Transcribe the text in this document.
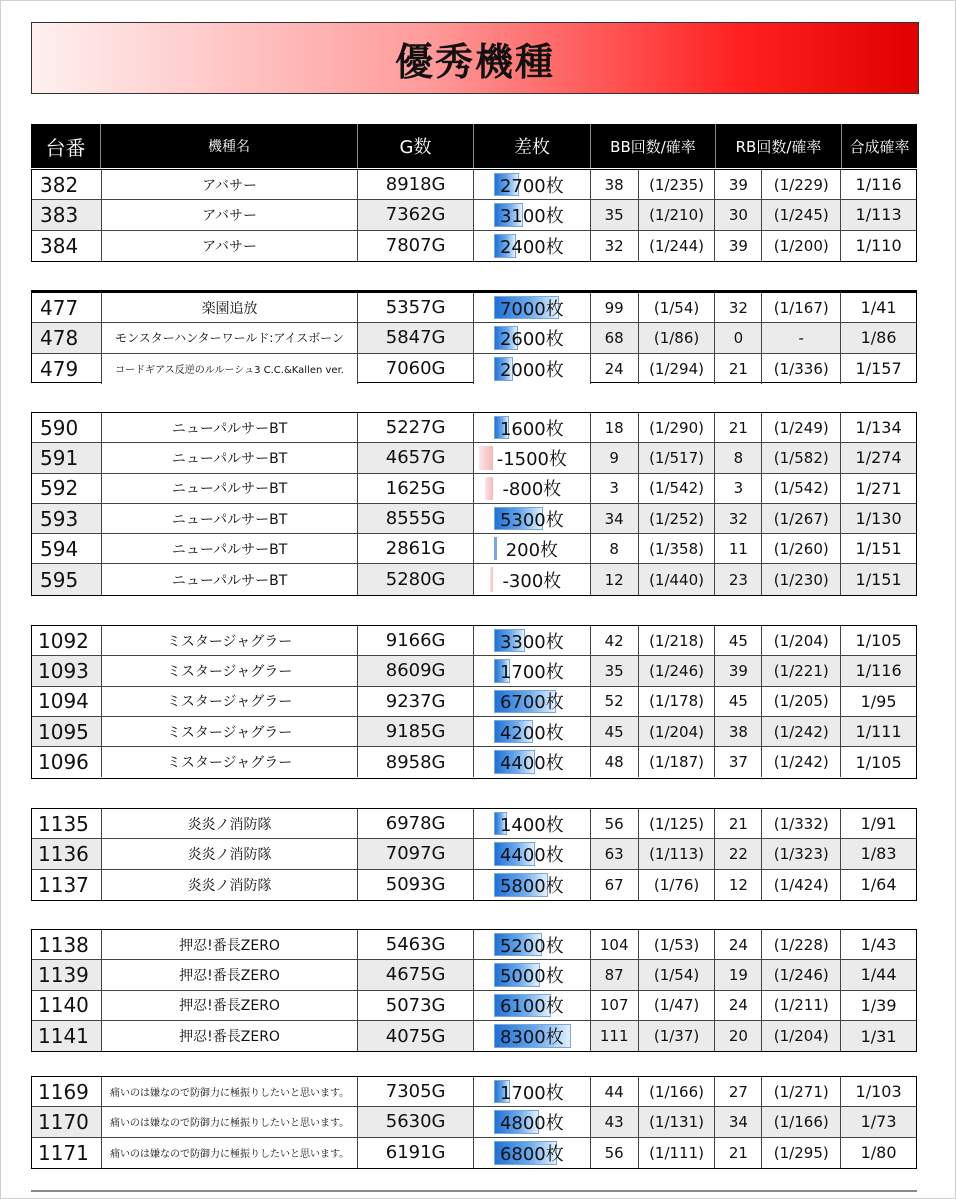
優秀機種
台番	機種名	G数	差枚	BB回数/確率	RB回数/確率	合成確率
382	アバサー	8918G	2700枚	38	(1/235)	39	(1/229)	1/116
383	アバサー	7362G	3100枚	35	(1/210)	30	(1/245)	1/113
384	アバサー	7807G	2400枚	32	(1/244)	39	(1/200)	1/110
477	楽園追放	5357G	7000枚	99	(1/54)	32	(1/167)	1/41
478	モンスターハンターワールド:アイスボーン	5847G	2600枚	68	(1/86)	0	-	1/86
479	コードギアス反逆のルルーシュ3 C.C.&Kallen ver.	7060G	2000枚	24	(1/294)	21	(1/336)	1/157
590	ニューパルサーBT	5227G	1600枚	18	(1/290)	21	(1/249)	1/134
591	ニューパルサーBT	4657G	-1500枚	9	(1/517)	8	(1/582)	1/274
592	ニューパルサーBT	1625G	-800枚	3	(1/542)	3	(1/542)	1/271
593	ニューパルサーBT	8555G	5300枚	34	(1/252)	32	(1/267)	1/130
594	ニューパルサーBT	2861G	200枚	8	(1/358)	11	(1/260)	1/151
595	ニューパルサーBT	5280G	-300枚	12	(1/440)	23	(1/230)	1/151
1092	ミスタージャグラー	9166G	3300枚	42	(1/218)	45	(1/204)	1/105
1093	ミスタージャグラー	8609G	1700枚	35	(1/246)	39	(1/221)	1/116
1094	ミスタージャグラー	9237G	6700枚	52	(1/178)	45	(1/205)	1/95
1095	ミスタージャグラー	9185G	4200枚	45	(1/204)	38	(1/242)	1/111
1096	ミスタージャグラー	8958G	4400枚	48	(1/187)	37	(1/242)	1/105
1135	炎炎ノ消防隊	6978G	1400枚	56	(1/125)	21	(1/332)	1/91
1136	炎炎ノ消防隊	7097G	4400枚	63	(1/113)	22	(1/323)	1/83
1137	炎炎ノ消防隊	5093G	5800枚	67	(1/76)	12	(1/424)	1/64
1138	押忍!番長ZERO	5463G	5200枚	104	(1/53)	24	(1/228)	1/43
1139	押忍!番長ZERO	4675G	5000枚	87	(1/54)	19	(1/246)	1/44
1140	押忍!番長ZERO	5073G	6100枚	107	(1/47)	24	(1/211)	1/39
1141	押忍!番長ZERO	4075G	8300枚	111	(1/37)	20	(1/204)	1/31
1169	痛いのは嫌なので防御力に極振りしたいと思います。	7305G	1700枚	44	(1/166)	27	(1/271)	1/103
1170	痛いのは嫌なので防御力に極振りしたいと思います。	5630G	4800枚	43	(1/131)	34	(1/166)	1/73
1171	痛いのは嫌なので防御力に極振りしたいと思います。	6191G	6800枚	56	(1/111)	21	(1/295)	1/80
